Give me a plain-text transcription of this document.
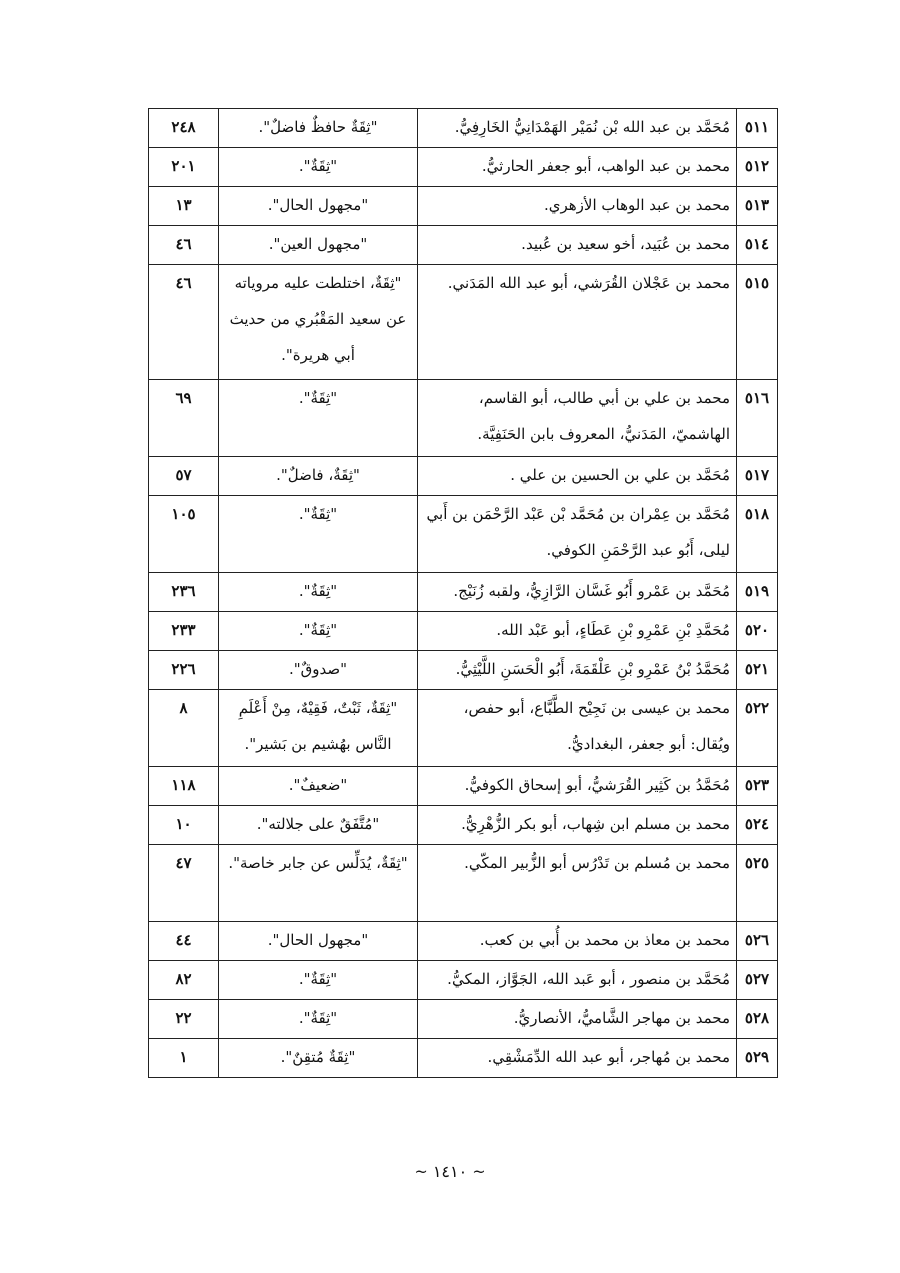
٥١١	مُحَمَّد بن عبد الله بْن نُمَيْر الهَمْدَانِيُّ الخَارِفِيُّ.	"ثِقَةٌ حافظٌ فاضلٌ".	٢٤٨
٥١٢	محمد بن عبد الواهب، أبو جعفر الحارثيُّ.	"ثِقَةٌ".	٢٠١
٥١٣	محمد بن عبد الوهاب الأزهري.	"مجهول الحال".	١٣
٥١٤	محمد بن عُبَيد، أخو سعيد بن عُبيد.	"مجهول العين".	٤٦
٥١٥	محمد بن عَجْلان القُرَشي، أبو عبد الله المَدَني.	"ثِقَةٌ، اختلطت عليه مروياته عن سعيد المَقْبُري من حديث أبي هريرة".	٤٦
٥١٦	محمد بن علي بن أبي طالب، أبو القاسم، الهاشميّ، المَدَنيُّ، المعروف بابن الحَنَفِيَّة.	"ثِقَةٌ".	٦٩
٥١٧	مُحَمَّد بن علي بن الحسين بن علي .	"ثِقَةٌ، فاضلٌ".	٥٧
٥١٨	مُحَمَّد بن عِمْران بن مُحَمَّد بْن عَبْد الرَّحْمَن بن أَبي ليلى، أَبُو عبد الرَّحْمَنِ الكوفي.	"ثِقَةٌ".	١٠٥
٥١٩	مُحَمَّد بن عَمْرو أَبُو غَسَّان الرَّازِيُّ، ولقبه زُنَيْج.	"ثِقَةٌ".	٢٣٦
٥٢٠	مُحَمَّدِ بْنِ عَمْرِو بْنِ عَطَاءٍ، أبو عَبْد الله.	"ثِقَةٌ".	٢٣٣
٥٢١	مُحَمَّدُ بْنُ عَمْرِو بْنِ عَلْقَمَةَ، أَبُو الْحَسَنِ اللَّيْثِيُّ.	"صدوقٌ".	٢٢٦
٥٢٢	محمد بن عيسى بن نَجِيْح الطَّبَّاع، أبو حفص، ويُقال: أبو جعفر، البغداديُّ.	"ثِقَةٌ، ثَبْتٌ، فَقِيْهٌ، مِنْ أَعْلَمِ النَّاس بهُشيم بن بَشير".	٨
٥٢٣	مُحَمَّدُ بن كَثِير القُرَشيُّ، أبو إسحاق الكوفيُّ.	"ضعيفٌ".	١١٨
٥٢٤	محمد بن مسلم ابن شِهاب، أبو بكر الزُّهْرِيُّ.	"مُتَّفَقٌ على جلالته".	١٠
٥٢٥	محمد بن مُسلم بن تَدْرُس أبو الزُّبير المكّي.	"ثِقَةٌ، يُدَلِّس عن جابر خاصة".	٤٧
٥٢٦	محمد بن معاذ بن محمد بن أُبي بن كعب.	"مجهول الحال".	٤٤
٥٢٧	مُحَمَّد بن منصور ، أبو عَبد الله، الجَوَّاز، المكيُّ.	"ثِقَةٌ".	٨٢
٥٢٨	محمد بن مهاجر الشَّاميُّ، الأنصاريُّ.	"ثِقَةٌ".	٢٢
٥٢٩	محمد بن مُهاجر، أبو عبد الله الدِّمَشْقِي.	"ثِقَةٌ مُتقِنٌ".	١
~ ١٤١٠ ~
